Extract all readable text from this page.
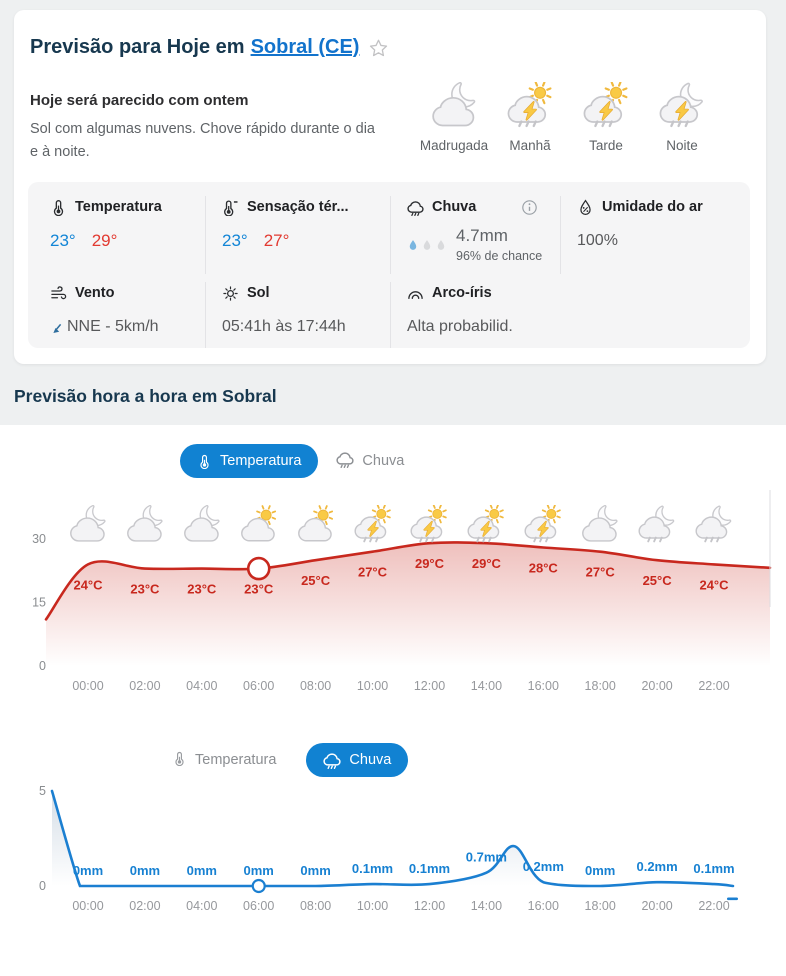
Previsão para Hoje em Sobral (CE)
Hoje será parecido com ontem

Sol com algumas nuvens. Chove rápido durante o dia e à noite.	Madrugada	Manhã	Tarde	Noite
Temperatura
23° 29°
Sensação tér...
23° 27°
Chuva
4.7mm
96% de chance
Umidade do ar
100%
Vento
NNE - 5km/h
Sol
05:41h às 17:44h
Arco-íris
Alta probabilid.
Previsão hora a hora em Sobral
Temperatura	Chuva
0
15
30
24°C 23°C 23°C 23°C
25°C
27°C
29°C 29°C 28°C 27°C
25°C 24°C
00:00 02:00 04:00 06:00 08:00 10:00 12:00 14:00 16:00 18:00 20:00 22:00
Temperatura	Chuva
0
5
0mm 0mm 0mm 0mm 0mm 0.1mm 0.1mm
0.7mm
0.2mm 0mm 0.2mm 0.1mm
00:00 02:00 04:00 06:00 08:00 10:00 12:00 14:00 16:00 18:00 20:00 22:00
